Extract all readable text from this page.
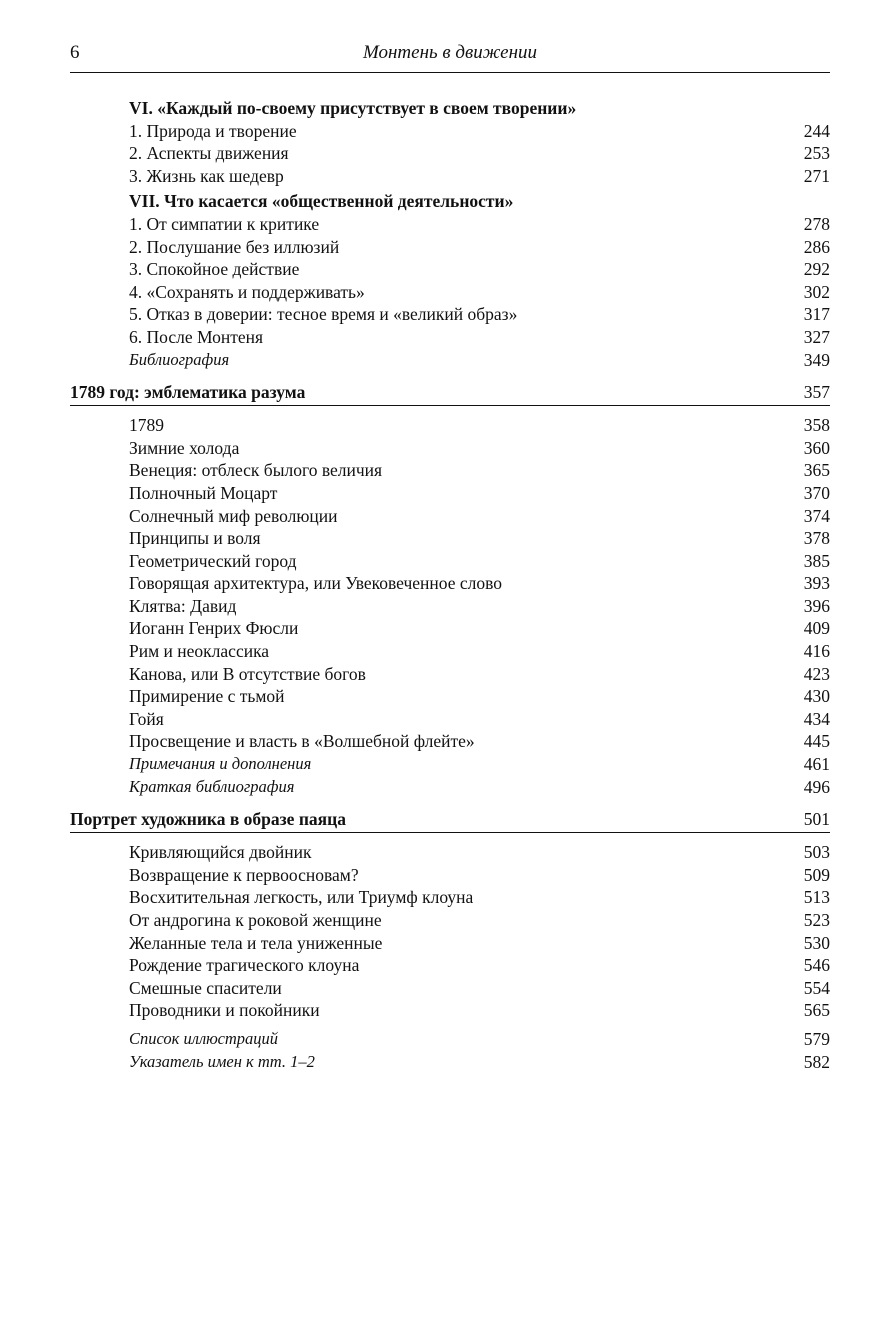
6	Монтень в движении
VI. «Каждый по-своему присутствует в своем творении»
1. Природа и творение	244
2. Аспекты движения	253
3. Жизнь как шедевр	271
VII. Что касается «общественной деятельности»
1. От симпатии к критике	278
2. Послушание без иллюзий	286
3. Спокойное действие	292
4. «Сохранять и поддерживать»	302
5. Отказ в доверии: тесное время и «великий образ»	317
6. После Монтеня	327
Библиография	349
1789 год: эмблематика разума	357
1789	358
Зимние холода	360
Венеция: отблеск былого величия	365
Полночный Моцарт	370
Солнечный миф революции	374
Принципы и воля	378
Геометрический город	385
Говорящая архитектура, или Увековеченное слово	393
Клятва: Давид	396
Иоганн Генрих Фюсли	409
Рим и неоклассика	416
Канова, или В отсутствие богов	423
Примирение с тьмой	430
Гойя	434
Просвещение и власть в «Волшебной флейте»	445
Примечания и дополнения	461
Краткая библиография	496
Портрет художника в образе паяца	501
Кривляющийся двойник	503
Возвращение к первоосновам?	509
Восхитительная легкость, или Триумф клоуна	513
От андрогина к роковой женщине	523
Желанные тела и тела униженные	530
Рождение трагического клоуна	546
Смешные спасители	554
Проводники и покойники	565
Список иллюстраций	579
Указатель имен к тт. 1–2	582
